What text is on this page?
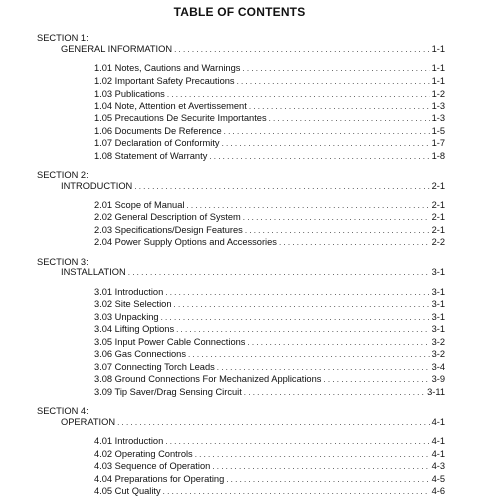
TABLE OF CONTENTS
SECTION 1:
GENERAL INFORMATION . . .	1-1
1.01 Notes, Cautions and Warnings . . .	1-1
1.02 Important Safety Precautions . . .	1-1
1.03 Publications . . .	1-2
1.04 Note, Attention et Avertissement . . .	1-3
1.05 Precautions De Securite Importantes . . .	1-3
1.06 Documents De Reference . . .	1-5
1.07 Declaration of Conformity . . .	1-7
1.08 Statement of Warranty . . .	1-8
SECTION 2:
INTRODUCTION . . .	2-1
2.01 Scope of Manual . . .	2-1
2.02 General Description of System . . .	2-1
2.03 Specifications/Design Features . . .	2-1
2.04 Power Supply Options and Accessories . . .	2-2
SECTION 3:
INSTALLATION . . .	3-1
3.01 Introduction . . .	3-1
3.02 Site Selection . . .	3-1
3.03 Unpacking . . .	3-1
3.04 Lifting Options . . .	3-1
3.05 Input Power Cable Connections . . .	3-2
3.06 Gas Connections . . .	3-2
3.07 Connecting Torch Leads . . .	3-4
3.08 Ground Connections For Mechanized Applications . . .	3-9
3.09 Tip Saver/Drag Sensing Circuit . . .	3-11
SECTION 4:
OPERATION . . .	4-1
4.01 Introduction . . .	4-1
4.02 Operating Controls . . .	4-1
4.03 Sequence of Operation . . .	4-3
4.04 Preparations for Operating . . .	4-5
4.05 Cut Quality . . .	4-6
